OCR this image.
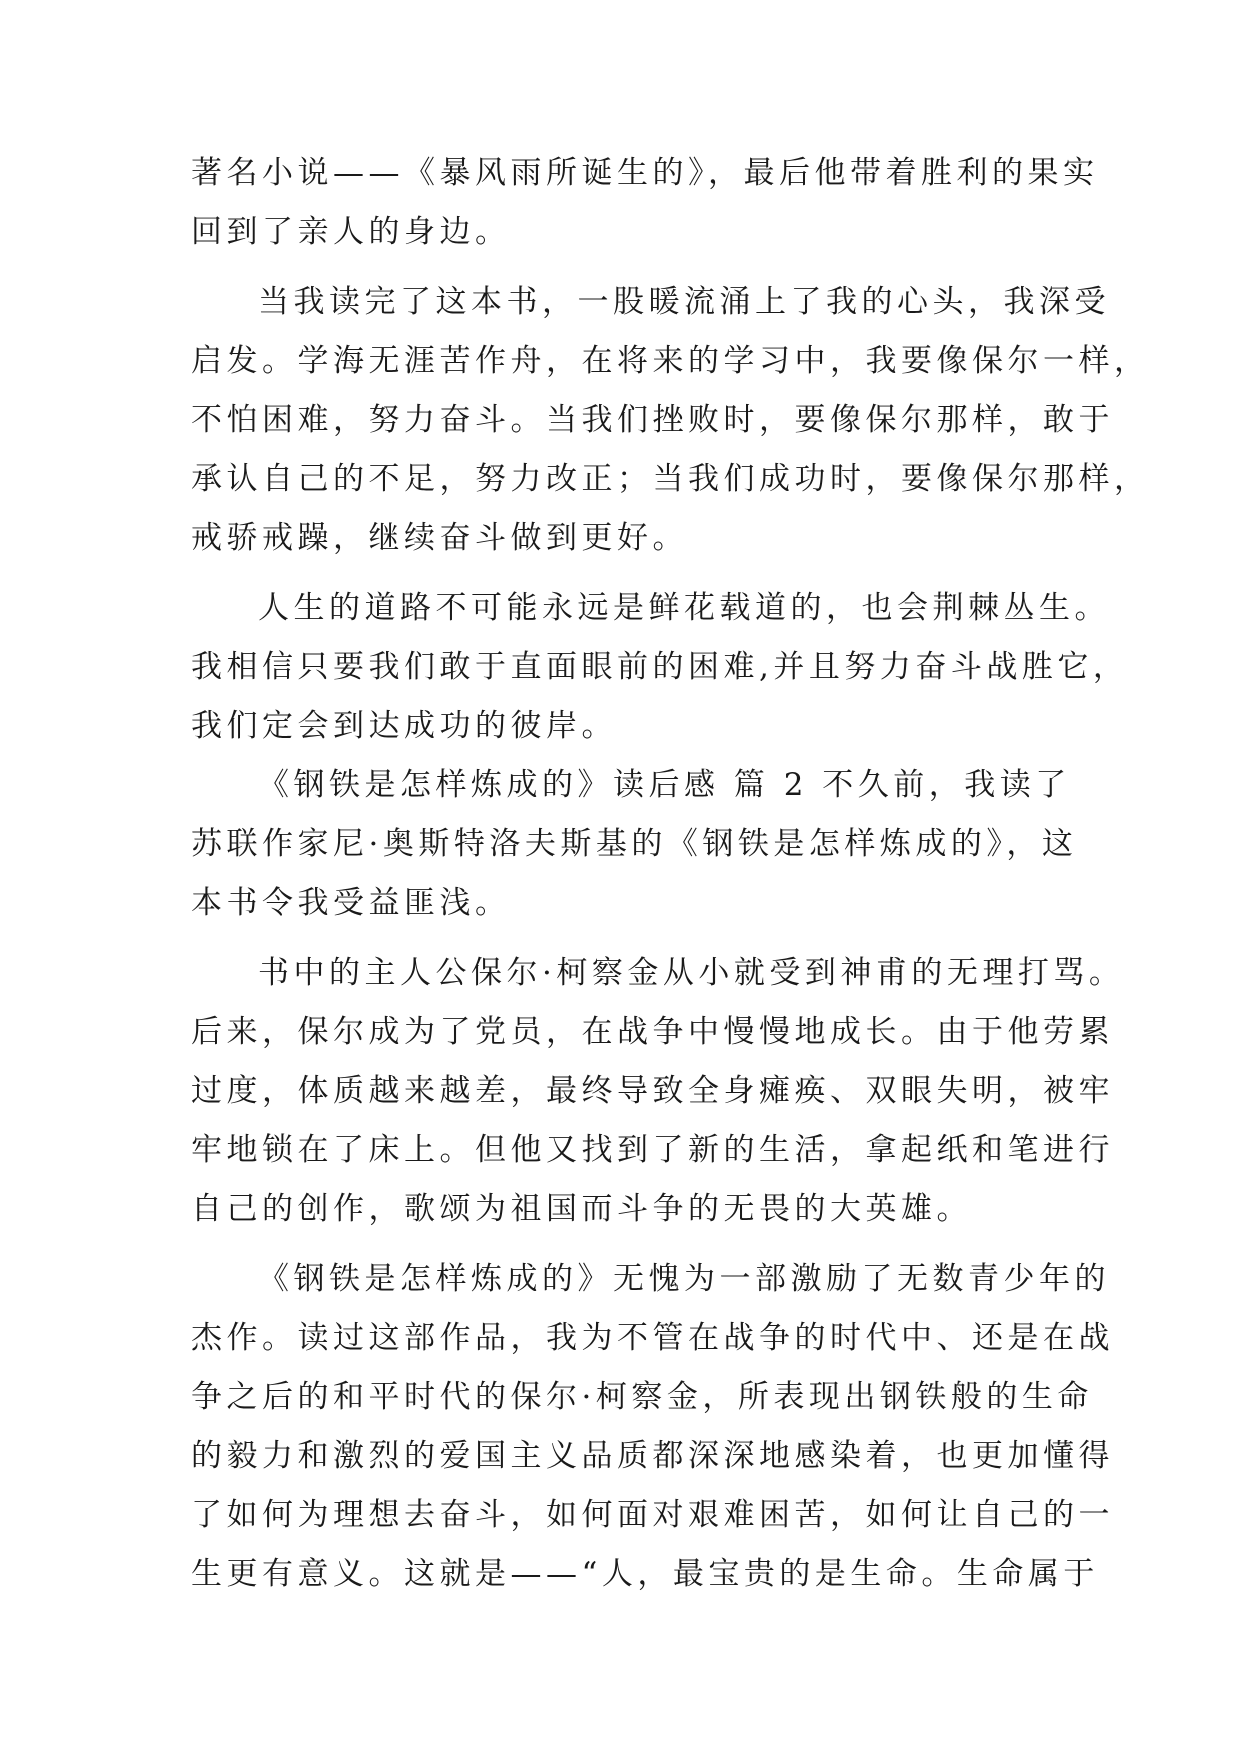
著名小说——《暴风雨所诞生的》，最后他带着胜利的果实
回到了亲人的身边。
当我读完了这本书，一股暖流涌上了我的心头，我深受
启发。学海无涯苦作舟，在将来的学习中，我要像保尔一样，
不怕困难，努力奋斗。当我们挫败时，要像保尔那样，敢于
承认自己的不足，努力改正；当我们成功时，要像保尔那样，
戒骄戒躁，继续奋斗做到更好。
人生的道路不可能永远是鲜花载道的，也会荆棘丛生。
我相信只要我们敢于直面眼前的困难,并且努力奋斗战胜它，
我们定会到达成功的彼岸。
《钢铁是怎样炼成的》读后感 篇 2 不久前，我读了
苏联作家尼·奥斯特洛夫斯基的《钢铁是怎样炼成的》，这
本书令我受益匪浅。
书中的主人公保尔·柯察金从小就受到神甫的无理打骂。
后来，保尔成为了党员，在战争中慢慢地成长。由于他劳累
过度，体质越来越差，最终导致全身瘫痪、双眼失明，被牢
牢地锁在了床上。但他又找到了新的生活，拿起纸和笔进行
自己的创作，歌颂为祖国而斗争的无畏的大英雄。
《钢铁是怎样炼成的》无愧为一部激励了无数青少年的
杰作。读过这部作品，我为不管在战争的时代中、还是在战
争之后的和平时代的保尔·柯察金，所表现出钢铁般的生命
的毅力和激烈的爱国主义品质都深深地感染着，也更加懂得
了如何为理想去奋斗，如何面对艰难困苦，如何让自己的一
生更有意义。这就是——“人，最宝贵的是生命。生命属于
